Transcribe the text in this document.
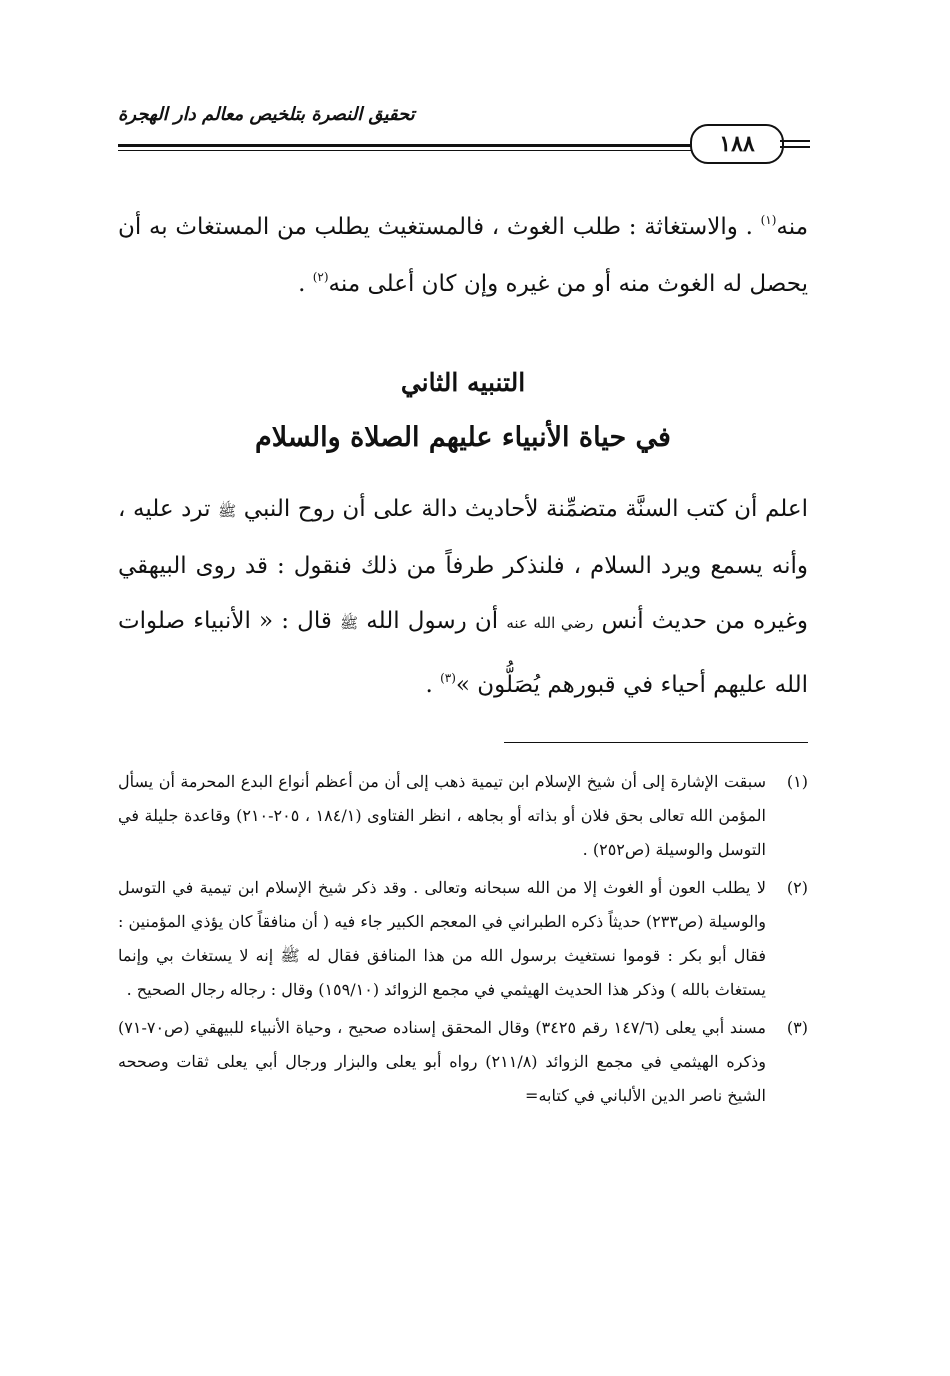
تحقيق النصرة بتلخيص معالم دار الهجرة
١٨٨
منه$^{(١)}$ . والاستغاثة : طلب الغوث ، فالمستغيث يطلب من المستغاث به أن يحصل له الغوث منه أو من غيره وإن كان أعلى منه$^{(٢)}$ .
التنبيه الثاني
في حياة الأنبياء عليهم الصلاة والسلام
اعلم أن كتب السنَّة متضمِّنة لأحاديث دالة على أن روح النبي ﷺ ترد عليه ، وأنه يسمع ويرد السلام ، فلنذكر طرفاً من ذلك فنقول : قد روى البيهقي وغيره من حديث أنس رضي الله عنه أن رسول الله ﷺ قال : « الأنبياء صلوات الله عليهم أحياء في قبورهم يُصَلُّون »$^{(٣)}$ .
(١)
سبقت الإشارة إلى أن شيخ الإسلام ابن تيمية ذهب إلى أن من أعظم أنواع البدع المحرمة أن يسأل المؤمن الله تعالى بحق فلان أو بذاته أو بجاهه ، انظر الفتاوى (١٨٤/١ ، ٢٠٥-٢١٠) وقاعدة جليلة في التوسل والوسيلة (ص٢٥٢) .
(٢)
لا يطلب العون أو الغوث إلا من الله سبحانه وتعالى . وقد ذكر شيخ الإسلام ابن تيمية في التوسل والوسيلة (ص٢٣٣) حديثاً ذكره الطبراني في المعجم الكبير جاء فيه ( أن منافقاً كان يؤذي المؤمنين : فقال أبو بكر : قوموا نستغيث برسول الله من هذا المنافق فقال له ﷺ إنه لا يستغاث بي وإنما يستغاث بالله ) وذكر هذا الحديث الهيثمي في مجمع الزوائد (١٥٩/١٠) وقال : رجاله رجال الصحيح .
(٣)
مسند أبي يعلى (١٤٧/٦ رقم ٣٤٢٥) وقال المحقق إسناده صحيح ، وحياة الأنبياء للبيهقي (ص٧٠-٧١) وذكره الهيثمي في مجمع الزوائد (٢١١/٨) رواه أبو يعلى والبزار ورجال أبي يعلى ثقات وصححه الشيخ ناصر الدين الألباني في كتابه=
